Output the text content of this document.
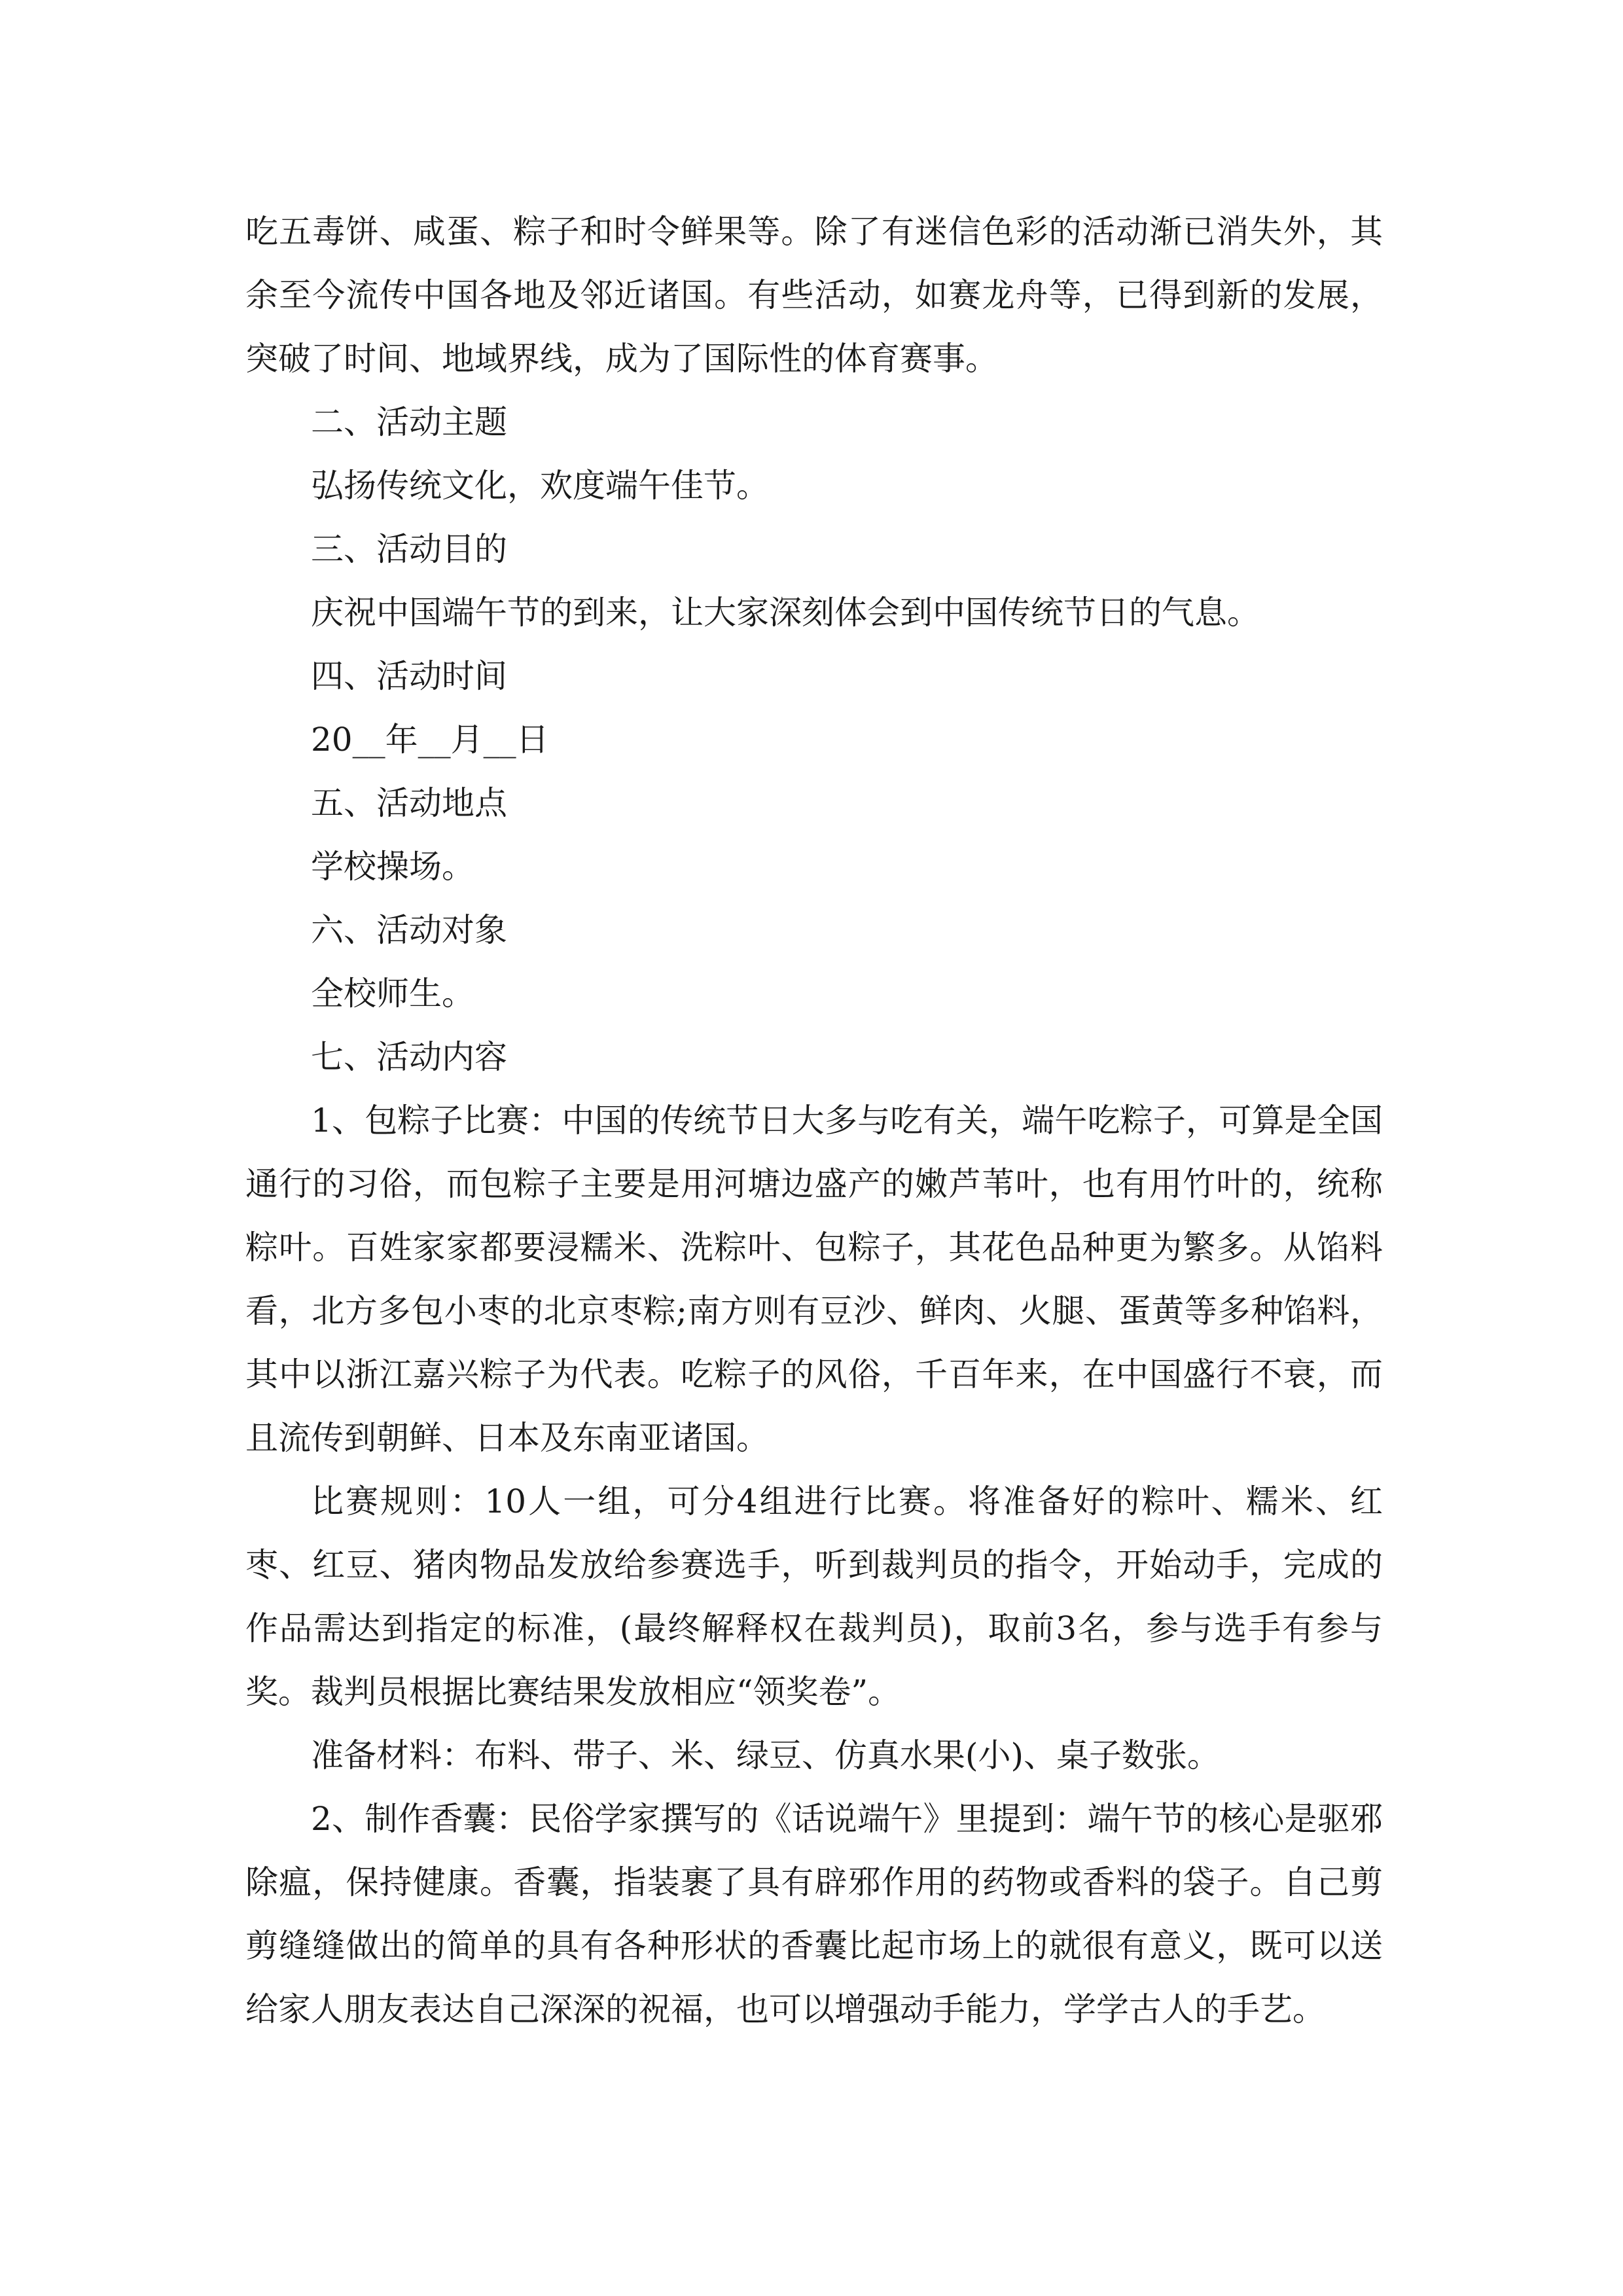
吃五毒饼、咸蛋、粽子和时令鲜果等。除了有迷信色彩的活动渐已消失外，其余至今流传中国各地及邻近诸国。有些活动，如赛龙舟等，已得到新的发展，突破了时间、地域界线，成为了国际性的体育赛事。

二、活动主题

弘扬传统文化，欢度端午佳节。

三、活动目的

庆祝中国端午节的到来，让大家深刻体会到中国传统节日的气息。

四、活动时间

20__年__月__日

五、活动地点

学校操场。

六、活动对象

全校师生。

七、活动内容

1、包粽子比赛：中国的传统节日大多与吃有关，端午吃粽子，可算是全国通行的习俗，而包粽子主要是用河塘边盛产的嫩芦苇叶，也有用竹叶的，统称粽叶。百姓家家都要浸糯米、洗粽叶、包粽子，其花色品种更为繁多。从馅料看，北方多包小枣的北京枣粽;南方则有豆沙、鲜肉、火腿、蛋黄等多种馅料，其中以浙江嘉兴粽子为代表。吃粽子的风俗，千百年来，在中国盛行不衰，而且流传到朝鲜、日本及东南亚诸国。

比赛规则：10人一组，可分4组进行比赛。将准备好的粽叶、糯米、红枣、红豆、猪肉物品发放给参赛选手，听到裁判员的指令，开始动手，完成的作品需达到指定的标准，(最终解释权在裁判员)，取前3名，参与选手有参与奖。裁判员根据比赛结果发放相应“领奖卷”。

准备材料：布料、带子、米、绿豆、仿真水果(小)、桌子数张。

2、制作香囊：民俗学家撰写的《话说端午》里提到：端午节的核心是驱邪除瘟，保持健康。香囊，指装裹了具有辟邪作用的药物或香料的袋子。自己剪剪缝缝做出的简单的具有各种形状的香囊比起市场上的就很有意义，既可以送给家人朋友表达自己深深的祝福，也可以增强动手能力，学学古人的手艺。
